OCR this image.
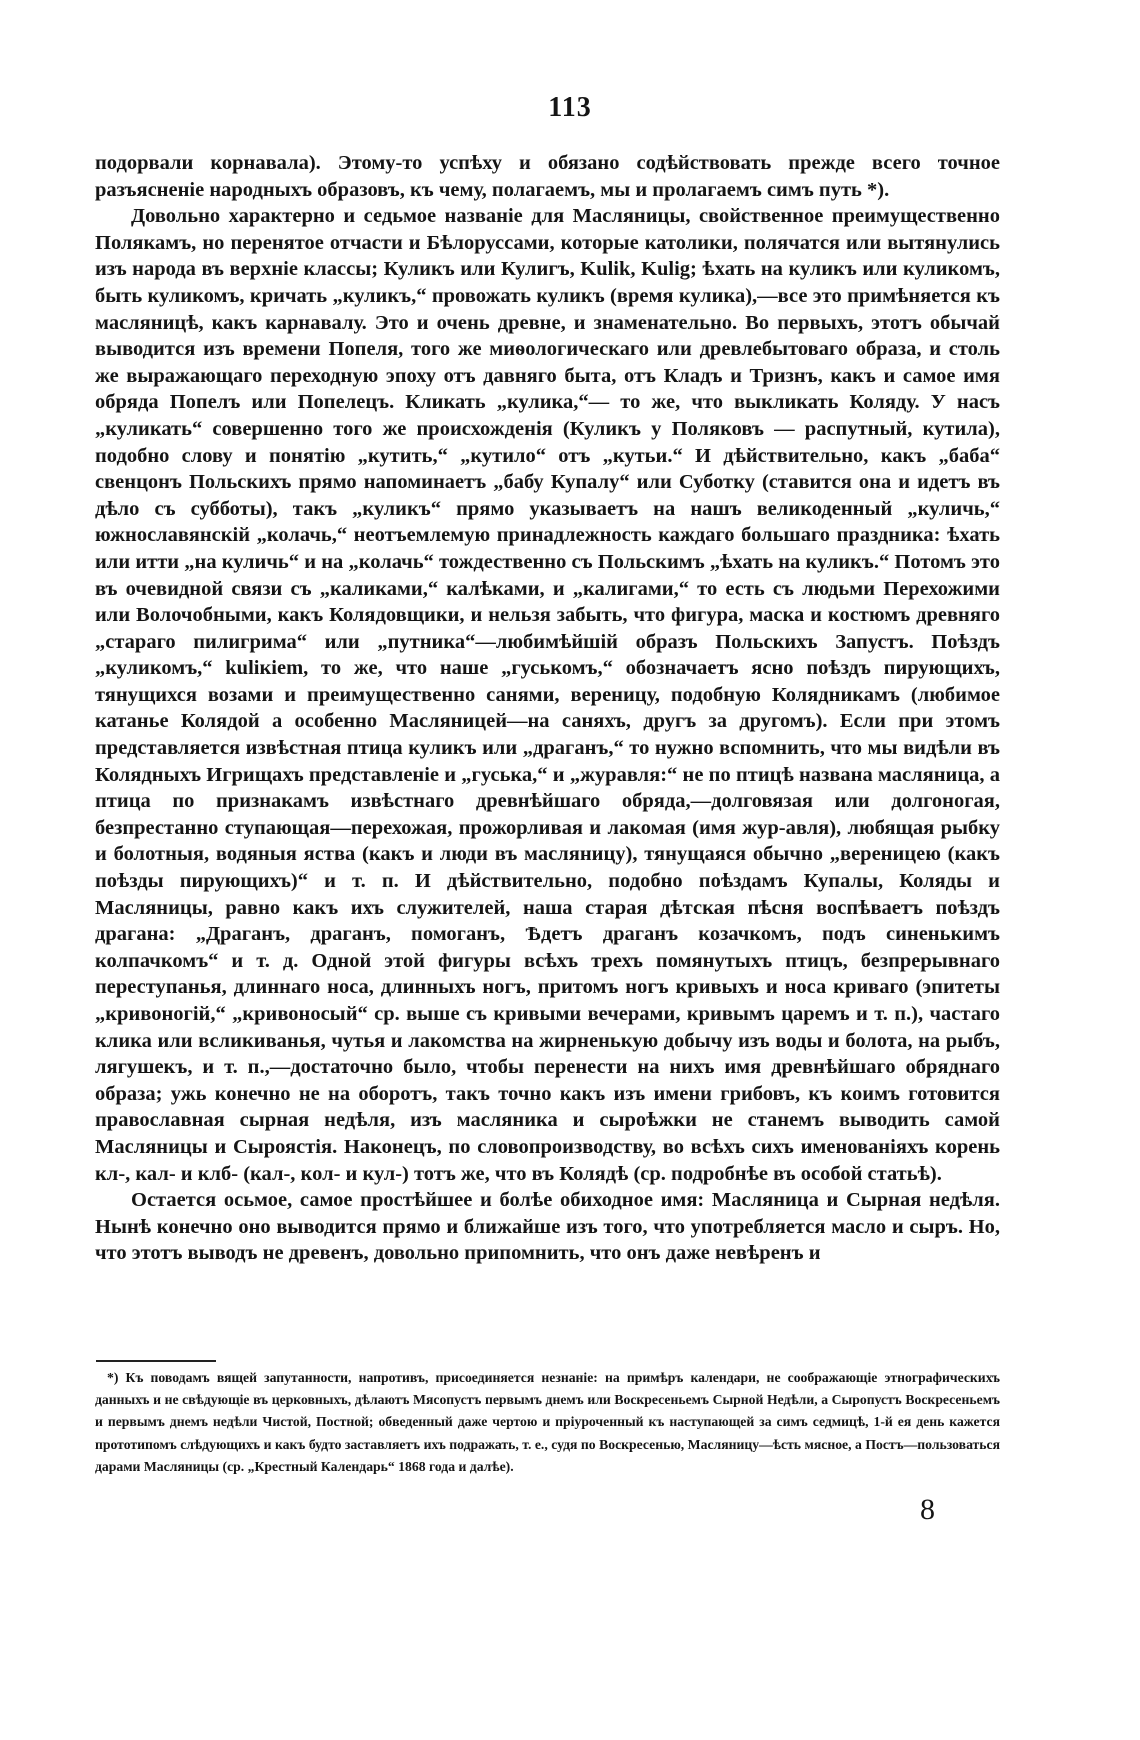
113

подорвали корнавала). Этому-то успѣху и обязано содѣйствовать прежде всего точное разъясненіе народныхъ образовъ, къ чему, полагаемъ, мы и пролагаемъ симъ путь *).

Довольно характерно и седьмое названіе для Масляницы, свойственное преимущественно Полякамъ, но перенятое отчасти и Бѣлоруссами, которые католики, полячатся или вытянулись изъ народа въ верхніе классы; Куликъ или Кулигъ, Kulik, Kulig; ѣхать на куликъ или куликомъ, быть куликомъ, кричать „куликъ,“ провожать куликъ (время кулика),—все это примѣняется къ масляницѣ, какъ карнавалу. Это и очень древне, и знаменательно. Во первыхъ, этотъ обычай выводится изъ времени Попеля, того же миѳологическаго или древлебытоваго образа, и столь же выражающаго переходную эпоху отъ давняго быта, отъ Кладъ и Тризнъ, какъ и самое имя обряда Попелъ или Попелецъ. Кликать „кулика,“— то же, что выкликать Коляду. У насъ „куликать“ совершенно того же происхожденія (Куликъ у Поляковъ — распутный, кутила), подобно слову и понятію „кутить,“ „кутило“ отъ „кутьи.“ И дѣйствительно, какъ „баба“ свенцонъ Польскихъ прямо напоминаетъ „бабу Купалу“ или Суботку (ставится она и идетъ въ дѣло съ субботы), такъ „куликъ“ прямо указываетъ на нашъ великоденный „куличь,“ южнославянскій „колачь,“ неотъемлемую принадлежность каждаго большаго праздника: ѣхать или итти „на куличь“ и на „колачь“ тождественно съ Польскимъ „ѣхать на куликъ.“ Потомъ это въ очевидной связи съ „каликами,“ калѣками, и „калигами,“ то есть съ людьми Перехожими или Волочобными, какъ Колядовщики, и нельзя забыть, что фигура, маска и костюмъ древняго „стараго пилигрима“ или „путника“—любимѣйшій образъ Польскихъ Запустъ. Поѣздъ „куликомъ,“ kuliкiem, то же, что наше „гуськомъ,“ обозначаетъ ясно поѣздъ пирующихъ, тянущихся возами и преимущественно санями, вереницу, подобную Колядникамъ (любимое катанье Колядой а особенно Масляницей—на саняхъ, другъ за другомъ). Если при этомъ представляется извѣстная птица куликъ или „драганъ,“ то нужно вспомнить, что мы видѣли въ Колядныхъ Игрищахъ представленіе и „гуська,“ и „журавля:“ не по птицѣ названа масляница, а птица по признакамъ извѣстнаго древнѣйшаго обряда,—долговязая или долгоногая, безпрестанно ступающая—перехожая, прожорливая и лакомая (имя жур-авля), любящая рыбку и болотныя, водяныя яства (какъ и люди въ масляницу), тянущаяся обычно „вереницею (какъ поѣзды пирующихъ)“ и т. п. И дѣйствительно, подобно поѣздамъ Купалы, Коляды и Масляницы, равно какъ ихъ служителей, наша старая дѣтская пѣсня воспѣваетъ поѣздъ драгана: „Драганъ, драганъ, помоганъ, Ѣдетъ драганъ козачкомъ, подъ синенькимъ колпачкомъ“ и т. д. Одной этой фигуры всѣхъ трехъ помянутыхъ птицъ, безпрерывнаго переступанья, длиннаго носа, длинныхъ ногъ, притомъ ногъ кривыхъ и носа криваго (эпитеты „кривоногій,“ „кривоносый“ ср. выше съ кривыми вечерами, кривымъ царемъ и т. п.), частаго клика или всликиванья, чутья и лакомства на жирненькую добычу изъ воды и болота, на рыбъ, лягушекъ, и т. п.,—достаточно было, чтобы перенести на нихъ имя древнѣйшаго обряднаго образа; ужь конечно не на оборотъ, такъ точно какъ изъ имени грибовъ, къ коимъ готовится православная сырная недѣля, изъ масляника и сыроѣжки не станемъ выводить самой Масляницы и Сыроястія. Наконецъ, по словопроизводству, во всѣхъ сихъ именованіяхъ корень кл-, кал- и клб- (кал-, кол- и кул-) тотъ же, что въ Колядѣ (ср. подробнѣе въ особой статьѣ).

Остается осьмое, самое простѣйшее и болѣе обиходное имя: Масляница и Сырная недѣля. Нынѣ конечно оно выводится прямо и ближайше изъ того, что употребляется масло и сыръ. Но, что этотъ выводъ не древенъ, довольно припомнить, что онъ даже невѣренъ и

*) Къ поводамъ вящей запутанности, напротивъ, присоединяется незнаніе: на примѣръ календари, не соображающіе этнографическихъ данныхъ и не свѣдующіе въ церковныхъ, дѣлаютъ Мясопустъ первымъ днемъ или Воскресеньемъ Сырной Недѣли, а Сыропустъ Воскресеньемъ и первымъ днемъ недѣли Чистой, Постной; обведенный даже чертою и пріуроченный къ наступающей за симъ седмицѣ, 1-й ея день кажется прототипомъ слѣдующихъ и какъ будто заставляетъ ихъ подражать, т. е., судя по Воскресенью, Масляницу—ѣсть мясное, а Постъ—пользоваться дарами Масляницы (ср. „Крестный Календарь“ 1868 года и далѣе).

8
